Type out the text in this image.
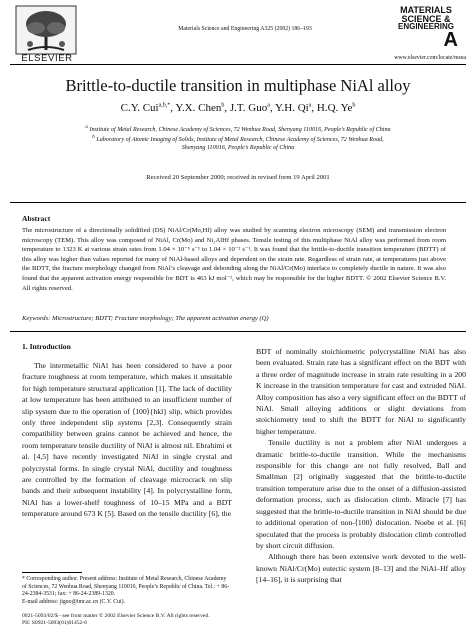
ELSEVIER
Materials Science and Engineering A325 (2002) 186–193
MATERIALS
SCIENCE &
ENGINEERING
A
www.elsevier.com/locate/msea
Brittle-to-ductile transition in multiphase NiAl alloy
C.Y. Cui$^{a,b,*}$, Y.X. Chen$^b$, J.T. Guo$^a$, Y.H. Qi$^a$, H.Q. Ye$^b$
$^a$ Institute of Metal Research, Chinese Academy of Sciences, 72 Wenhua Road, Shenyang 110016, People’s Republic of China
$^b$ Laboratory of Atomic Imaging of Solids, Institute of Metal Research, Chinese Academy of Sciences, 72 Wenhua Road,
Shenyang 110016, People’s Republic of China
Received 20 September 2000; received in revised form 19 April 2001
Abstract
The microstructure of a directionally solidified (DS) NiAl/Cr(Mo,Hf) alloy was studied by scanning electron microscopy (SEM) and transmission electron microscopy (TEM). This alloy was composed of NiAl, Cr(Mo) and Ni₂AlHf phases. Tensile testing of this multiphase NiAl alloy was performed from room temperature to 1323 K at various strain rates from 1.04 × 10⁻⁵ s⁻¹ to 1.04 × 10⁻² s⁻¹. It was found that the brittle-to-ductile transition temperature (BDTT) of this alloy was higher than values reported for many of NiAl-based alloys and dependent on the strain rate. Regardless of strain rate, at temperatures just above the BDTT, the fracture morphology changed from NiAl’s cleavage and debonding along the NiAl/Cr(Mo) interface to completely ductile in nature. It was also found that the apparent activation energy responsible for BDT is 463 kJ mol⁻¹, which may be responsible for the higher BDTT. © 2002 Elsevier Science B.V. All rights reserved.
Keywords: Microstructure; BDTT; Fracture morphology; The apparent activation energy (Q)
1. Introduction

The intermetallic NiAl has been considered to have a poor fracture toughness at room temperature, which makes it unsuitable for high temperature structural application [1]. The lack of ductility at low temperature has been attributed to an insufficient number of slip system due to the operation of ⟨100⟩{hkl} slip, which provides only three independent slip systems [2,3]. Consequently strain compatibility between grains cannot be achieved and hence, the room temperature tensile ductility of NiAl is almost nil. Ebrahimi et al. [4,5] have recently investigated NiAl in single crystal and polycrystal forms. In single crystal NiAl, ductility and toughness are controlled by the formation of cleavage microcrack on slip bands and their subsequent instability [4]. In polycrystalline form, NiAl has a lower-shelf toughness of 10–15 MPa and a BDT temperature around 673 K [5]. Based on the tensile ductility [6], the

BDT of nominally stoichiometric polycrystalline NiAl has also been evaluated. Strain rate has a significant effect on the BDT with a three order of magnitude increase in strain rate resulting in a 200 K increase in the transition temperature for cast and extruded NiAl. Alloy composition has also a very significant effect on the BDTT of NiAl. Small alloying additions or slight deviations from stoichiometry tend to shift the BDTT for NiAl to significantly higher temperature.

Tensile ductility is not a problem after NiAl undergoes a dramatic brittle-to-ductile transition. While the mechanisms responsible for this change are not fully resolved, Ball and Smallman [2] originally suggested that the brittle-to-ductile transition temperature arise due to the onset of a diffusion-assisted deformation process, such as dislocation climb. Miracle [7] has suggested that the brittle-to-ductile transition in NiAl should be due to additional operation of non-⟨100⟩ dislocation. Noebe et al. [6] speculated that the process is probably dislocation climb controlled by short circuit diffusion.

Although there has been extensive work devoted to the well-known NiAl/Cr(Mo) eutectic system [8–13] and the NiAl–Hf alloy [14–16], it is surprising that

* Corresponding author. Present address: Institute of Metal Research, Chinese Academy of Sciences, 72 Wenhua Road, Shenyang 110016, People’s Republic of China. Tel.: + 86-24-2384-3531; fax: + 86-24-2389-1320.
E-mail address: jiguo@imr.ac.cn (C.Y. Cui).
0921-5093/02/$ - see front matter © 2002 Elsevier Science B.V. All rights reserved.
PII: S0921-5093(01)01452-6
